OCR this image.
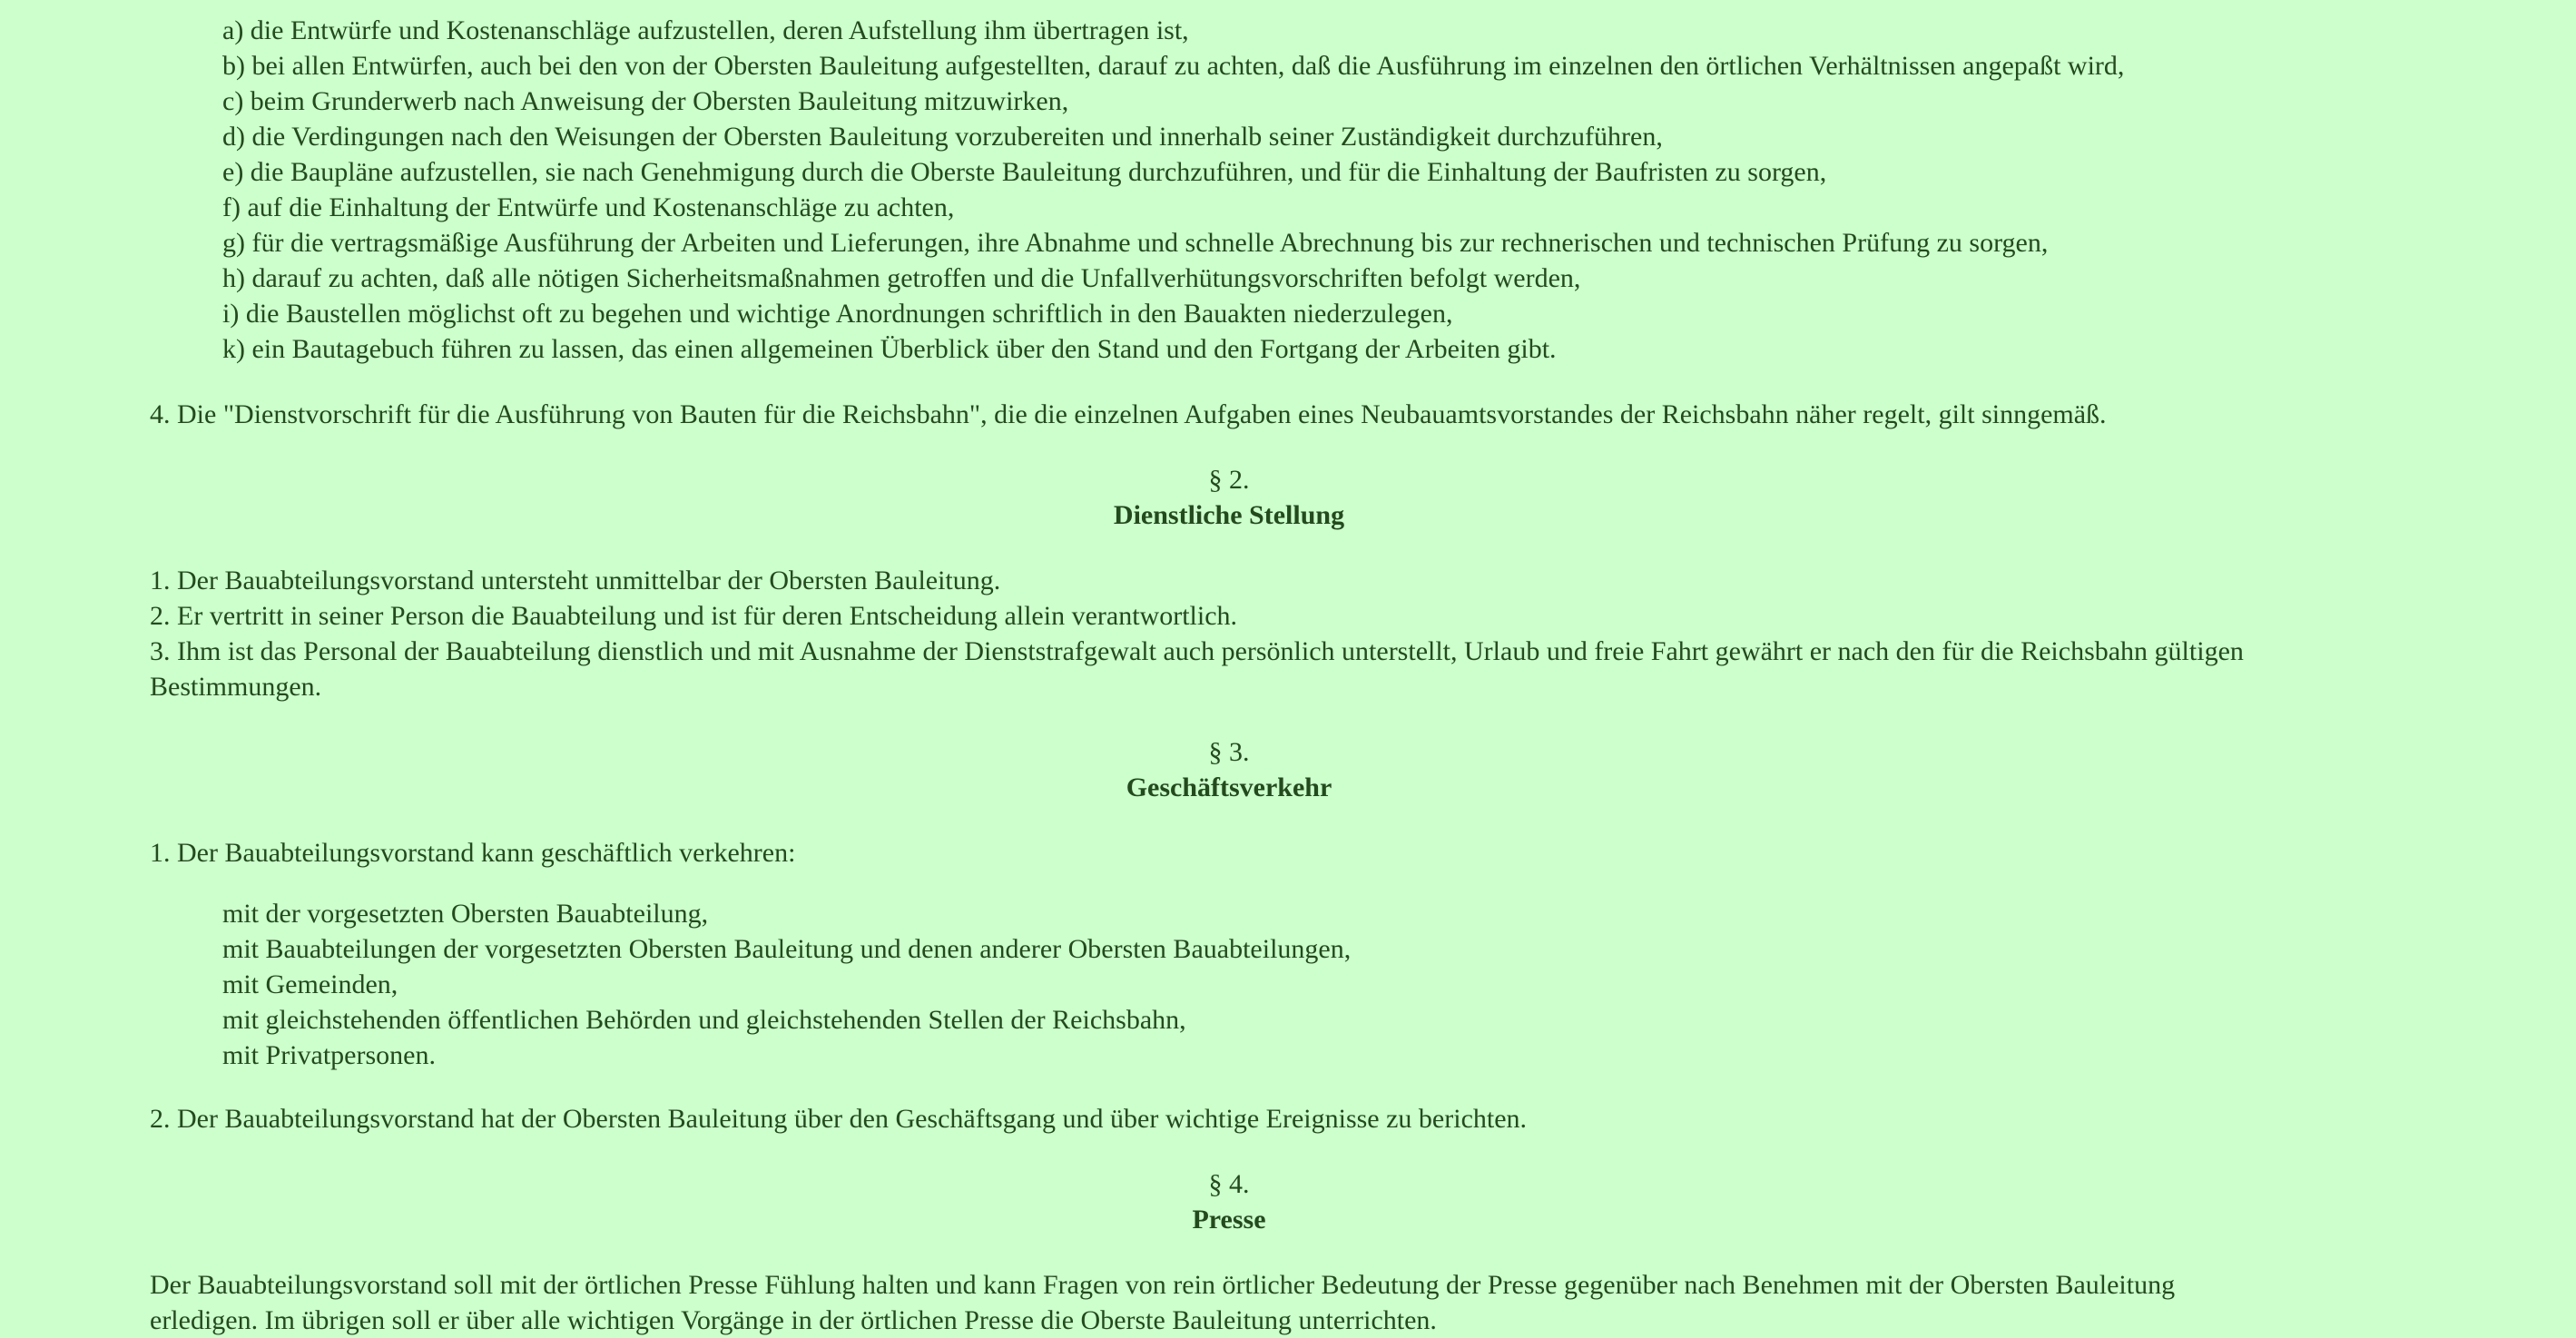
a) die Entwürfe und Kostenanschläge aufzustellen, deren Aufstellung ihm übertragen ist,
b) bei allen Entwürfen, auch bei den von der Obersten Bauleitung aufgestellten, darauf zu achten, daß die Ausführung im einzelnen den örtlichen Verhältnissen angepaßt wird,
c) beim Grunderwerb nach Anweisung der Obersten Bauleitung mitzuwirken,
d) die Verdingungen nach den Weisungen der Obersten Bauleitung vorzubereiten und innerhalb seiner Zuständigkeit durchzuführen,
e) die Baupläne aufzustellen, sie nach Genehmigung durch die Oberste Bauleitung durchzuführen, und für die Einhaltung der Baufristen zu sorgen,
f) auf die Einhaltung der Entwürfe und Kostenanschläge zu achten,
g) für die vertragsmäßige Ausführung der Arbeiten und Lieferungen, ihre Abnahme und schnelle Abrechnung bis zur rechnerischen und technischen Prüfung zu sorgen,
h) darauf zu achten, daß alle nötigen Sicherheitsmaßnahmen getroffen und die Unfallverhütungsvorschriften befolgt werden,
i) die Baustellen möglichst oft zu begehen und wichtige Anordnungen schriftlich in den Bauakten niederzulegen,
k) ein Bautagebuch führen zu lassen, das einen allgemeinen Überblick über den Stand und den Fortgang der Arbeiten gibt.
4. Die "Dienstvorschrift für die Ausführung von Bauten für die Reichsbahn", die die einzelnen Aufgaben eines Neubauamtsvorstandes der Reichsbahn näher regelt, gilt sinngemäß.
§ 2.
Dienstliche Stellung
1. Der Bauabteilungsvorstand untersteht unmittelbar der Obersten Bauleitung.
2. Er vertritt in seiner Person die Bauabteilung und ist für deren Entscheidung allein verantwortlich.
3. Ihm ist das Personal der Bauabteilung dienstlich und mit Ausnahme der Dienststrafgewalt auch persönlich unterstellt, Urlaub und freie Fahrt gewährt er nach den für die Reichsbahn gültigen
Bestimmungen.
§ 3.
Geschäftsverkehr
1. Der Bauabteilungsvorstand kann geschäftlich verkehren:
mit der vorgesetzten Obersten Bauabteilung,
mit Bauabteilungen der vorgesetzten Obersten Bauleitung und denen anderer Obersten Bauabteilungen,
mit Gemeinden,
mit gleichstehenden öffentlichen Behörden und gleichstehenden Stellen der Reichsbahn,
mit Privatpersonen.
2. Der Bauabteilungsvorstand hat der Obersten Bauleitung über den Geschäftsgang und über wichtige Ereignisse zu berichten.
§ 4.
Presse
Der Bauabteilungsvorstand soll mit der örtlichen Presse Fühlung halten und kann Fragen von rein örtlicher Bedeutung der Presse gegenüber nach Benehmen mit der Obersten Bauleitung
erledigen. Im übrigen soll er über alle wichtigen Vorgänge in der örtlichen Presse die Oberste Bauleitung unterrichten.
